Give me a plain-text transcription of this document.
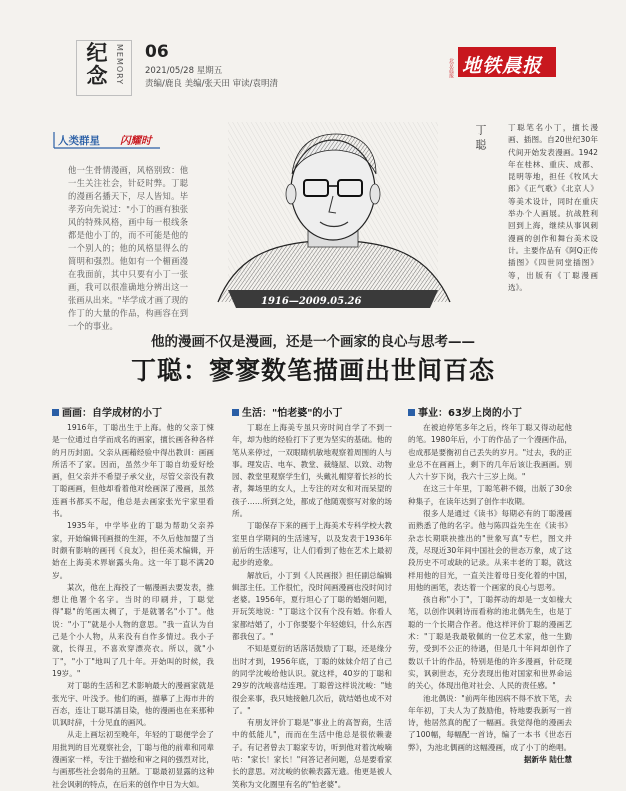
纪念 MEMORY 06
2021/05/28 星期五
责编/鹿良 美编/张天田 审读/袁明清
地铁晨报
北京晨报
人类群星 闪耀时
他一生骨情漫画，风格别致：他一生关注社会，针砭时弊。丁聪的漫画名播天下，尽人皆知。毕孝芳向先说过："小丁的画有独张风的特殊风格，画中每一根线条都是他小丁的，而不可能是他的一个别人的；他的风格显得么的简明和强烈。他如有一个楣画漫在我面前，其中只要有小丁一张画，我可以很准确地分辨出这一张画从出来。"毕学成才画了现的作丁的大量的作品，构画容在到一个的事业。
1916—2009.05.26
丁聪	丁聪笔名小丁，擅长漫画、插图。自20世纪30年代间开始发表漫画。1942年在桂林、重庆、成都、昆明等地，担任《牧风大郎》《正气歌》《北京人》等美术设计，同时在重庆举办个人画展。抗战胜利回到上海，继续从事讽刺漫画的创作和舞台美术设计。主要作品有《阿Q正传插图》《四世同堂插图》等，出版有《丁聪漫画选》。
他的漫画不仅是漫画，还是一个画家的良心与思考——
丁聪：寥寥数笔描画出世间百态
画画：自学成材的小丁

1916年，丁聪出生于上海。他的父亲丁悚是一位通过自学而成名的画家，擅长画各种各样的月历封面。父亲从画藉经验中得出教训：画画所活不了家。因而，虽然少年丁聪自幼爱好绘画，但父亲并不希望子承父业，尽管父亲没有教丁聪画画，但他却看着他对绘画深了漫画，虽然连画书都买不起，他总是去画家张光宇家里看书。

1935年，中学毕业的丁聪为帮助父亲养家，开始编辑刊画报的生涯，不久后他加盟了当时颇有影响的画刊《良友》，担任美术编辑，开始在上海美术界崭露头角。这一年丁聪不满20岁。

某次，他在上海投了一幅漫画去要发表，推想让他署个名字。当时的印刷并，丁聪觉得"聪"的笔画太稠了，于是就署名"小丁"。他说："小丁"就是小人物的意思。"我一直认为自己是个小人物，从来没有自作多情过。我小子就，长得丑，不喜欢穿漂亮衣。所以，就"小丁"，"小丁"地叫了几十年。开始叫的时候，我19岁。"

对丁聪的生活和艺术影响最大的漫画家就是张光宇、叶浅予。他们的画，描摹了上海市井的百态，连让丁聪耳濡目染，他的漫画也在来那种讥讽时辞，十分见血的画风。

从走上画坛初至晚年，年轻的丁聪便学会了用批判的目光观察社会，丁聪与他的前辈和同辈漫画家一样，专注于描绘和审之间的强烈对比，与画那些社会弱角的丑陋。丁聪最初显露的这种社会讽刺的特点，在后来的创作中日为大如。

生活："怕老婆"的小丁

丁聪在上海美专虽只旁时间自学了不到一年，却为他的经验打下了更为坚实的基础。他的笔从来停过，一双眼睛机敏地观察着周围的人与事。理发店、电车、教堂、裁缝屋、以致、动物园、教堂里观察学生们，头戴礼帽穿着长衫的长者，舞场里的女人，上专注的对女和对而呆望的孩子……所到之处，都成了他随观察写对象的场所。

丁聪保存下来的画于上海美术专科学校大教室里自学期间的生活速写，以及发表于1936年前后的生活速写，让人们看到了他在艺术上最初起步的迹象。

解放后，小丁到《人民画报》担任副总编辑辑部主任。工作很忙，没时间画漫画也没时间讨老婆。1956年，夏行坦心了丁聪的婚姻问题，开玩笑地说："丁聪这个汉有个没有婚。你看人家都结婚了，小丁你要娶个年轻媳妇，什么东西都我包了。"

不知是夏衍的话落话鼓励了丁聪，还是缘分出时才到，1956年底，丁聪的妹妹介绍了自己的同学沈峻给他认识。就这样，40岁的丁聪和29岁的沈峻喜结连理。丁聪曾这样说沈峻："她很会来事，我只她接触几次后，就结婚也成不对了。"

有朋友评价丁聪是"事业上的高智商，生活中的低能儿"，而而在生活中他总是很依赖妻子。有记者曾去丁聪家专访，听到他对着沈峻嘀咕："家长！家长！"问答记者问题，总是要看家长的意思。对沈峻的依赖表露无遗。他更是被人笑称为文化圈里有名的"怕老婆"。

事业：63岁上岗的小丁

在被迫停笔多年之后，终年丁聪又得动起他的笔。1980年后，小丁的作品了一个漫画作品，也成那是要衡初自己丢失的岁月。"过去，我的正业总不在画画上，剩下的几年后该让我画画。别人六十岁下岗，我六十三岁上岗。"

在这三十年里，丁聪笔耕不辍，出版了30余种集子，在读年达到了创作丰收期。

很多人是通过《读书》每期必有的丁聪漫画而熟悉了他的名字。他与陈四益先生在《读书》杂志长期联袂推出的"世象写真"专栏，图文并茂，尽现近30年间中国社会的世态万象，成了这段历史不可或缺的记录。从来丰老的丁聪，就这样用他的目光，一直关注着母日变化着的中国，用他的画笔，表达着一个画家的良心与思考。

孩自称"小丁"，丁聪挥动的却是一支如椽大笔，以创作讽刺诗而看称的池北偶先生，也是丁聪的一个长期合作者。他这样评价丁聪的漫画艺术："丁聪是我最敬佩的一位艺术家，他一生勤劳，受到不公正的待遇，但是几十年间却创作了数以千计的作品，特别是他的许多漫画，针砭现实，讽刺世态，充分表现出他对国家和世界命运的关心，体现出他对社会、人民的责任感。"

池北偶说："前两年他因病不得不放下笔，去年年初，丁夫人为了鼓励他，特地要我新写一首诗，他居然真的配了一幅画。我觉得他的漫画去了100幅，每幅配一首诗，编了一本书《世态百弊》，为池北偶画的这幅漫画，成了小丁的绝唱。

据新华 陆仕慧
